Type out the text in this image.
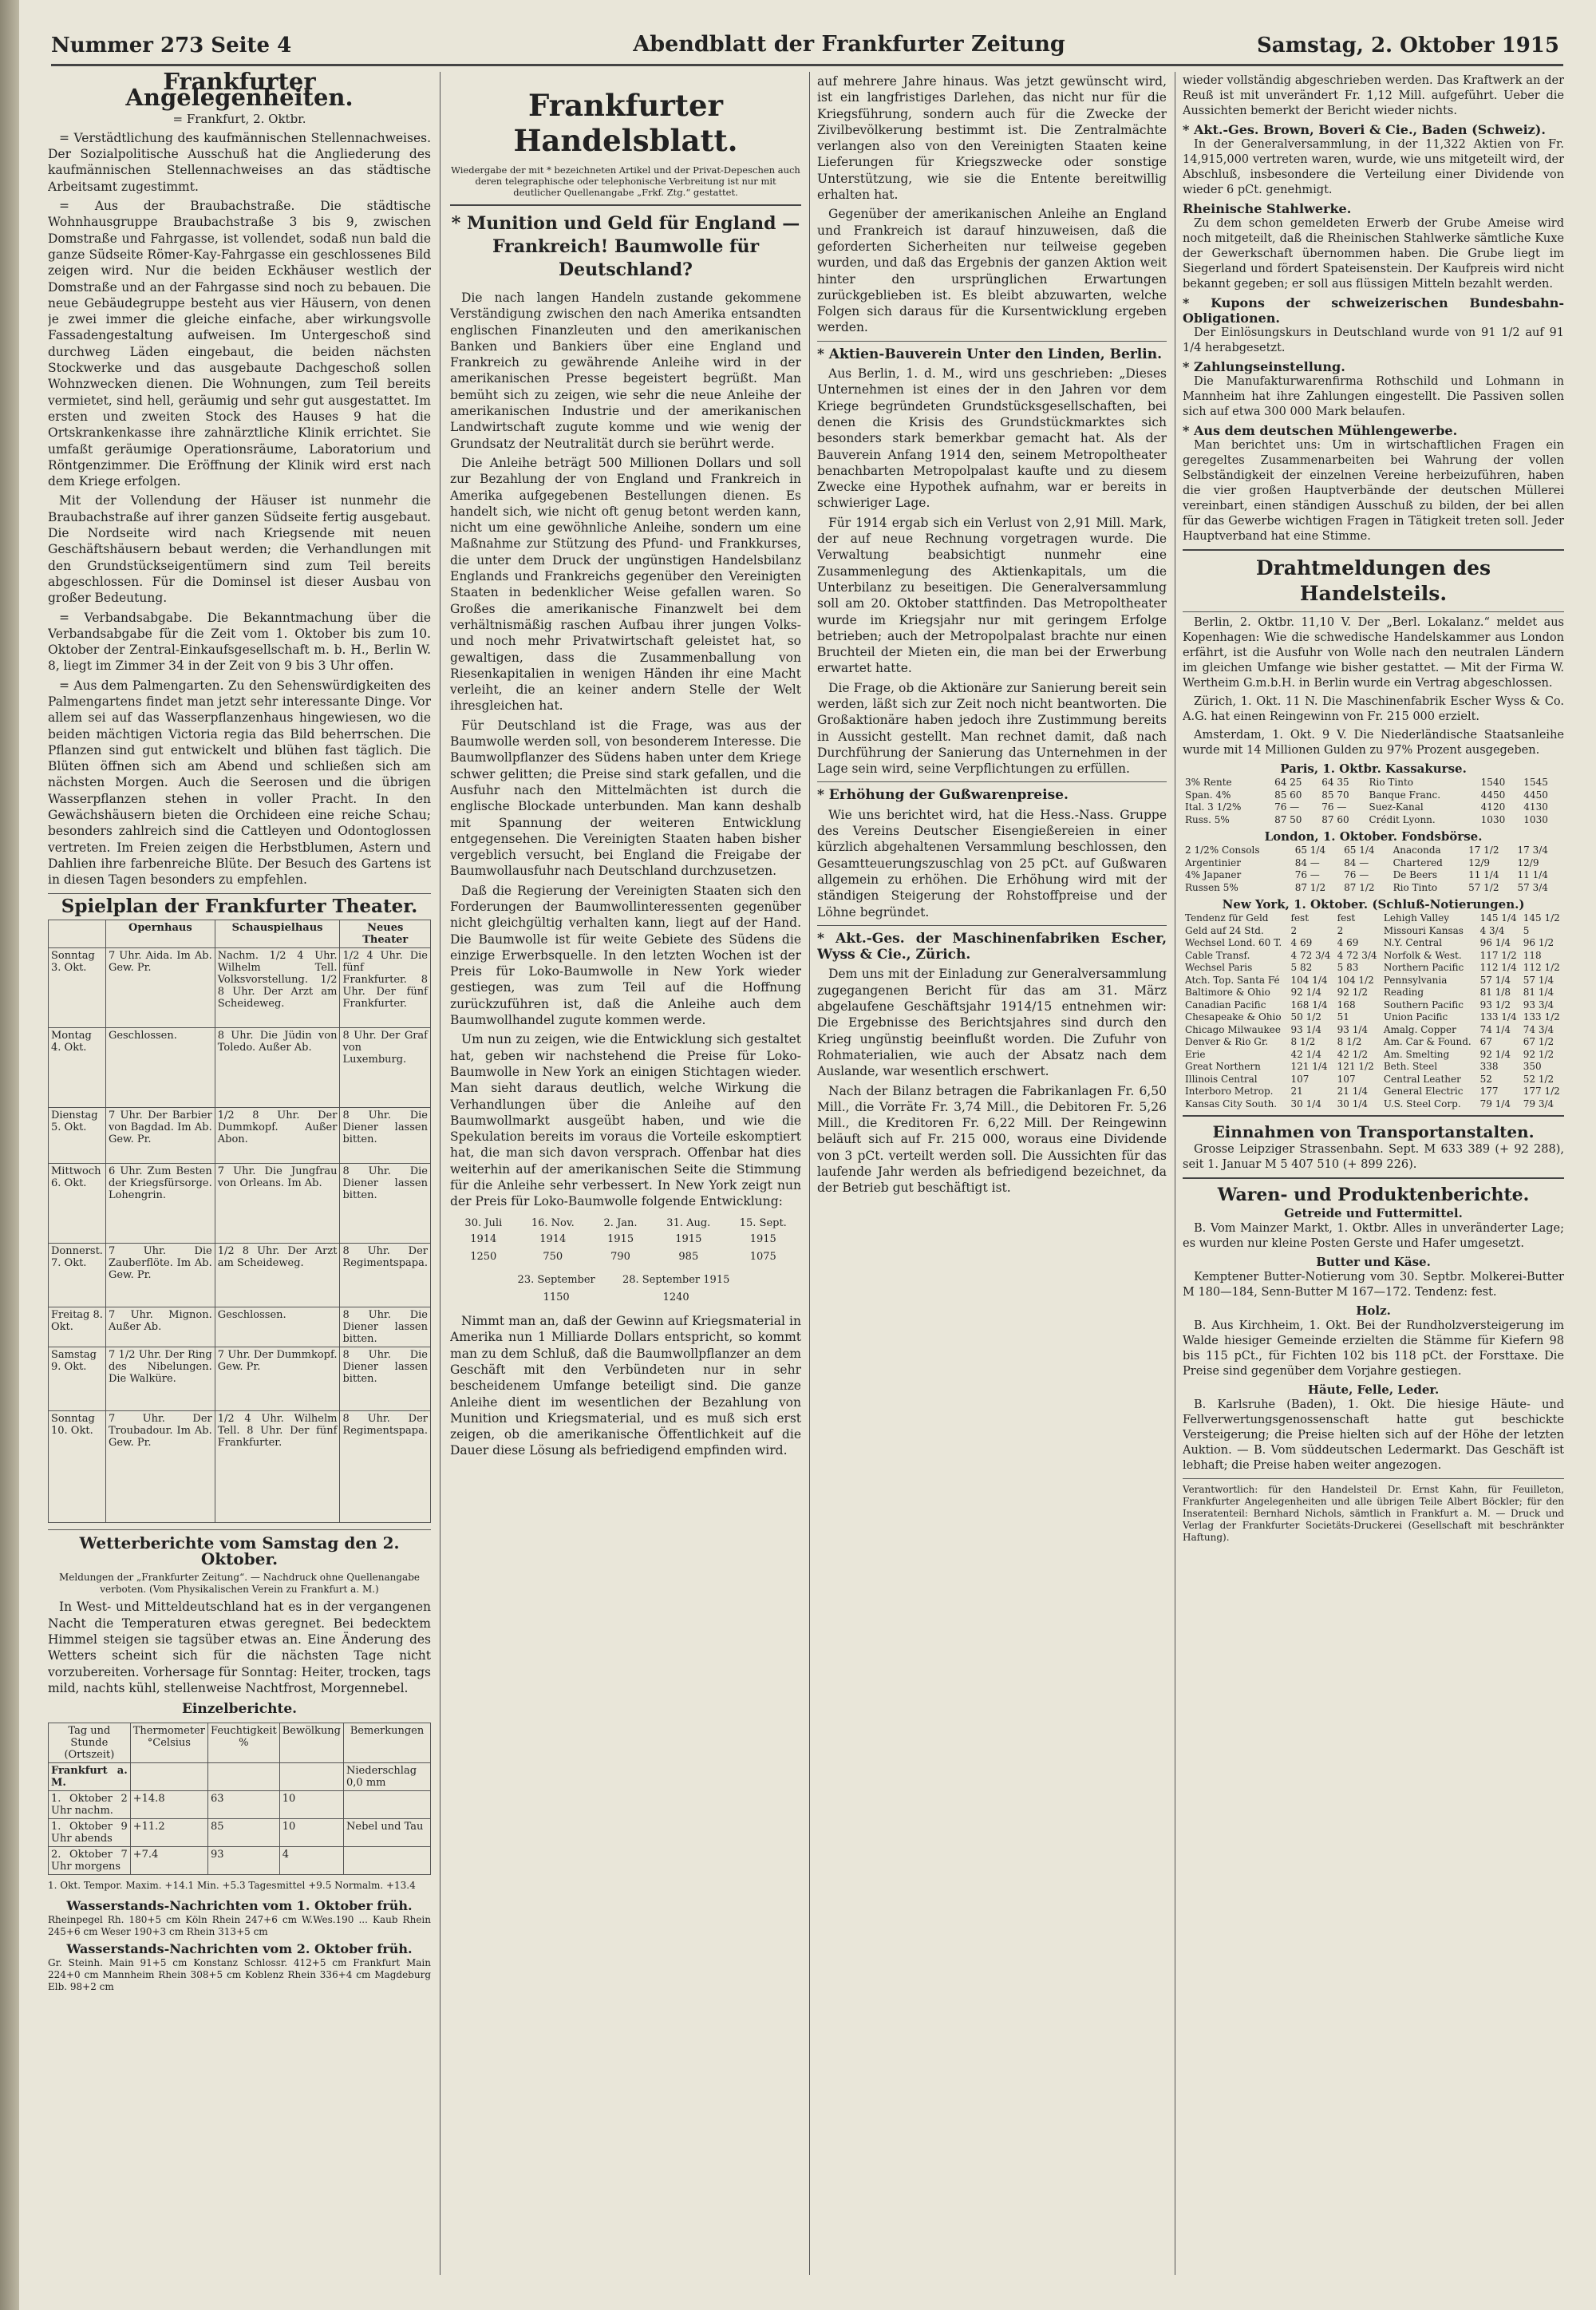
Nummer 273 Seite 4	Abendblatt der Frankfurter Zeitung	Samstag, 2. Oktober 1915
Frankfurter Angelegenheiten.
= Frankfurt, 2. Oktbr.

= Verstädtlichung des kaufmännischen Stellennachweises. Der Sozialpolitische Ausschuß hat die Angliederung des kaufmännischen Stellennachweises an das städtische Arbeitsamt zugestimmt.

= Aus der Braubachstraße. Die städtische Wohnhausgruppe Braubachstraße 3 bis 9, zwischen Domstraße und Fahrgasse, ist vollendet, sodaß nun bald die ganze Südseite Römer-Kay-Fahrgasse ein geschlossenes Bild zeigen wird. Nur die beiden Eckhäuser westlich der Domstraße und an der Fahrgasse sind noch zu bebauen. Die neue Gebäudegruppe besteht aus vier Häusern, von denen je zwei immer die gleiche einfache, aber wirkungsvolle Fassadengestaltung aufweisen. Im Untergeschoß sind durchweg Läden eingebaut, die beiden nächsten Stockwerke und das ausgebaute Dachgeschoß sollen Wohnzwecken dienen. Die Wohnungen, zum Teil bereits vermietet, sind hell, geräumig und sehr gut ausgestattet. Im ersten und zweiten Stock des Hauses 9 hat die Ortskrankenkasse ihre zahnärztliche Klinik errichtet. Sie umfaßt geräumige Operationsräume, Laboratorium und Röntgenzimmer. Die Eröffnung der Klinik wird erst nach dem Kriege erfolgen.

Mit der Vollendung der Häuser ist nunmehr die Braubachstraße auf ihrer ganzen Südseite fertig ausgebaut. Die Nordseite wird nach Kriegsende mit neuen Geschäftshäusern bebaut werden; die Verhandlungen mit den Grundstückseigentümern sind zum Teil bereits abgeschlossen. Für die Dominsel ist dieser Ausbau von großer Bedeutung.

= Verbandsabgabe. Die Bekanntmachung über die Verbandsabgabe für die Zeit vom 1. Oktober bis zum 10. Oktober der Zentral-Einkaufsgesellschaft m. b. H., Berlin W. 8, liegt im Zimmer 34 in der Zeit von 9 bis 3 Uhr offen.

= Aus dem Palmengarten. Zu den Sehenswürdigkeiten des Palmengartens findet man jetzt sehr interessante Dinge. Vor allem sei auf das Wasserpflanzenhaus hingewiesen, wo die beiden mächtigen Victoria regia das Bild beherrschen. Die Pflanzen sind gut entwickelt und blühen fast täglich. Die Blüten öffnen sich am Abend und schließen sich am nächsten Morgen. Auch die Seerosen und die übrigen Wasserpflanzen stehen in voller Pracht. In den Gewächshäusern bieten die Orchideen eine reiche Schau; besonders zahlreich sind die Cattleyen und Odontoglossen vertreten. Im Freien zeigen die Herbstblumen, Astern und Dahlien ihre farbenreiche Blüte. Der Besuch des Gartens ist in diesen Tagen besonders zu empfehlen.

Spielplan der Frankfurter Theater.
	Opernhaus	Schauspielhaus	Neues Theater
Sonntag 3. Okt.	7 Uhr. Aida. Im Ab. Gew. Pr.	Nachm. 1/2 4 Uhr. Wilhelm Tell. Volksvorstellung. 1/2 8 Uhr. Der Arzt am Scheideweg.	1/2 4 Uhr. Die fünf Frankfurter. 8 Uhr. Der fünf Frankfurter.
Montag 4. Okt.	Geschlossen.	8 Uhr. Die Jüdin von Toledo. Außer Ab.	8 Uhr. Der Graf von Luxemburg.
Dienstag 5. Okt.	7 Uhr. Der Barbier von Bagdad. Im Ab. Gew. Pr.	1/2 8 Uhr. Der Dummkopf. Außer Abon.	8 Uhr. Die Diener lassen bitten.
Mittwoch 6. Okt.	6 Uhr. Zum Besten der Kriegsfürsorge. Lohengrin.	7 Uhr. Die Jungfrau von Orleans. Im Ab.	8 Uhr. Die Diener lassen bitten.
Donnerst. 7. Okt.	7 Uhr. Die Zauberflöte. Im Ab. Gew. Pr.	1/2 8 Uhr. Der Arzt am Scheideweg.	8 Uhr. Der Regimentspapa.
Freitag 8. Okt.	7 Uhr. Mignon. Außer Ab.	Geschlossen.	8 Uhr. Die Diener lassen bitten.
Samstag 9. Okt.	7 1/2 Uhr. Der Ring des Nibelungen. Die Walküre.	7 Uhr. Der Dummkopf. Gew. Pr.	8 Uhr. Die Diener lassen bitten.
Sonntag 10. Okt.	7 Uhr. Der Troubadour. Im Ab. Gew. Pr.	1/2 4 Uhr. Wilhelm Tell. 8 Uhr. Der fünf Frankfurter.	8 Uhr. Der Regimentspapa.
Wetterberichte vom Samstag den 2. Oktober.
Meldungen der „Frankfurter Zeitung“. — Nachdruck ohne Quellenangabe verboten. (Vom Physikalischen Verein zu Frankfurt a. M.)

In West- und Mitteldeutschland hat es in der vergangenen Nacht die Temperaturen etwas geregnet. Bei bedecktem Himmel steigen sie tagsüber etwas an. Eine Änderung des Wetters scheint sich für die nächsten Tage nicht vorzubereiten. Vorhersage für Sonntag: Heiter, trocken, tags mild, nachts kühl, stellenweise Nachtfrost, Morgennebel.

Einzelberichte.
Tag und Stunde (Ortszeit)	Thermometer °Celsius	Feuchtigkeit %	Bewölkung	Bemerkungen
Frankfurt a. M.				Niederschlag 0,0 mm
1. Oktober 2 Uhr nachm.	+14.8	63	10	
1. Oktober 9 Uhr abends	+11.2	85	10	Nebel und Tau
2. Oktober 7 Uhr morgens	+7.4	93	4	
1. Okt. Tempor. Maxim. +14.1 Min. +5.3 Tagesmittel +9.5 Normalm. +13.4
Wasserstands-Nachrichten vom 1. Oktober früh.
Rheinpegel Rh. 180+5 cm Köln Rhein 247+6 cm W.Wes.190 ... Kaub Rhein 245+6 cm Weser 190+3 cm Rhein 313+5 cm
Wasserstands-Nachrichten vom 2. Oktober früh.
Gr. Steinh. Main 91+5 cm Konstanz Schlossr. 412+5 cm Frankfurt Main 224+0 cm Mannheim Rhein 308+5 cm Koblenz Rhein 336+4 cm Magdeburg Elb. 98+2 cm
Frankfurter Handelsblatt.
Wiedergabe der mit * bezeichneten Artikel und der Privat-Depeschen auch deren telegraphische oder telephonische Verbreitung ist nur mit deutlicher Quellenangabe „Frkf. Ztg.“ gestattet.
* Munition und Geld für England — Frankreich! Baumwolle für Deutschland?

Die nach langen Handeln zustande gekommene Verständigung zwischen den nach Amerika entsandten englischen Finanzleuten und den amerikanischen Banken und Bankiers über eine England und Frankreich zu gewährende Anleihe wird in der amerikanischen Presse begeistert begrüßt. Man bemüht sich zu zeigen, wie sehr die neue Anleihe der amerikanischen Industrie und der amerikanischen Landwirtschaft zugute komme und wie wenig der Grundsatz der Neutralität durch sie berührt werde.

Die Anleihe beträgt 500 Millionen Dollars und soll zur Bezahlung der von England und Frankreich in Amerika aufgegebenen Bestellungen dienen. Es handelt sich, wie nicht oft genug betont werden kann, nicht um eine gewöhnliche Anleihe, sondern um eine Maßnahme zur Stützung des Pfund- und Frankkurses, die unter dem Druck der ungünstigen Handelsbilanz Englands und Frankreichs gegenüber den Vereinigten Staaten in bedenklicher Weise gefallen waren. So Großes die amerikanische Finanzwelt bei dem verhältnismäßig raschen Aufbau ihrer jungen Volks- und noch mehr Privatwirtschaft geleistet hat, so gewaltigen, dass die Zusammenballung von Riesenkapitalien in wenigen Händen ihr eine Macht verleiht, die an keiner andern Stelle der Welt ihresgleichen hat.

Für Deutschland ist die Frage, was aus der Baumwolle werden soll, von besonderem Interesse. Die Baumwollpflanzer des Südens haben unter dem Kriege schwer gelitten; die Preise sind stark gefallen, und die Ausfuhr nach den Mittelmächten ist durch die englische Blockade unterbunden. Man kann deshalb mit Spannung der weiteren Entwicklung entgegensehen. Die Vereinigten Staaten haben bisher vergeblich versucht, bei England die Freigabe der Baumwollausfuhr nach Deutschland durchzusetzen.

Daß die Regierung der Vereinigten Staaten sich den Forderungen der Baumwollinteressenten gegenüber nicht gleichgültig verhalten kann, liegt auf der Hand. Die Baumwolle ist für weite Gebiete des Südens die einzige Erwerbsquelle. In den letzten Wochen ist der Preis für Loko-Baumwolle in New York wieder gestiegen, was zum Teil auf die Hoffnung zurückzuführen ist, daß die Anleihe auch dem Baumwollhandel zugute kommen werde.

Um nun zu zeigen, wie die Entwicklung sich gestaltet hat, geben wir nachstehend die Preise für Loko-Baumwolle in New York an einigen Stichtagen wieder. Man sieht daraus deutlich, welche Wirkung die Verhandlungen über die Anleihe auf den Baumwollmarkt ausgeübt haben, und wie die Spekulation bereits im voraus die Vorteile eskomptiert hat, die man sich davon versprach. Offenbar hat dies weiterhin auf der amerikanischen Seite die Stimmung für die Anleihe sehr verbessert. In New York zeigt nun der Preis für Loko-Baumwolle folgende Entwicklung:

30. Juli 1914	16. Nov. 1914	2. Jan. 1915	31. Aug. 1915	15. Sept. 1915
1250	750	790	985	1075
23. September	28. September 1915
1150	1240

Nimmt man an, daß der Gewinn auf Kriegsmaterial in Amerika nun 1 Milliarde Dollars entspricht, so kommt man zu dem Schluß, daß die Baumwollpflanzer an dem Geschäft mit den Verbündeten nur in sehr bescheidenem Umfange beteiligt sind. Die ganze Anleihe dient im wesentlichen der Bezahlung von Munition und Kriegsmaterial, und es muß sich erst zeigen, ob die amerikanische Öffentlichkeit auf die Dauer diese Lösung als befriedigend empfinden wird.

auf mehrere Jahre hinaus. Was jetzt gewünscht wird, ist ein langfristiges Darlehen, das nicht nur für die Kriegsführung, sondern auch für die Zwecke der Zivilbevölkerung bestimmt ist. Die Zentralmächte verlangen also von den Vereinigten Staaten keine Lieferungen für Kriegszwecke oder sonstige Unterstützung, wie sie die Entente bereitwillig erhalten hat.

Gegenüber der amerikanischen Anleihe an England und Frankreich ist darauf hinzuweisen, daß die geforderten Sicherheiten nur teilweise gegeben wurden, und daß das Ergebnis der ganzen Aktion weit hinter den ursprünglichen Erwartungen zurückgeblieben ist. Es bleibt abzuwarten, welche Folgen sich daraus für die Kursentwicklung ergeben werden.

* Aktien-Bauverein Unter den Linden, Berlin.

Aus Berlin, 1. d. M., wird uns geschrieben: „Dieses Unternehmen ist eines der in den Jahren vor dem Kriege begründeten Grundstücksgesellschaften, bei denen die Krisis des Grundstückmarktes sich besonders stark bemerkbar gemacht hat. Als der Bauverein Anfang 1914 den, seinem Metropoltheater benachbarten Metropolpalast kaufte und zu diesem Zwecke eine Hypothek aufnahm, war er bereits in schwieriger Lage.

Für 1914 ergab sich ein Verlust von 2,91 Mill. Mark, der auf neue Rechnung vorgetragen wurde. Die Verwaltung beabsichtigt nunmehr eine Zusammenlegung des Aktienkapitals, um die Unterbilanz zu beseitigen. Die Generalversammlung soll am 20. Oktober stattfinden. Das Metropoltheater wurde im Kriegsjahr nur mit geringem Erfolge betrieben; auch der Metropolpalast brachte nur einen Bruchteil der Mieten ein, die man bei der Erwerbung erwartet hatte.

Die Frage, ob die Aktionäre zur Sanierung bereit sein werden, läßt sich zur Zeit noch nicht beantworten. Die Großaktionäre haben jedoch ihre Zustimmung bereits in Aussicht gestellt. Man rechnet damit, daß nach Durchführung der Sanierung das Unternehmen in der Lage sein wird, seine Verpflichtungen zu erfüllen.

* Erhöhung der Gußwarenpreise.

Wie uns berichtet wird, hat die Hess.-Nass. Gruppe des Vereins Deutscher Eisengießereien in einer kürzlich abgehaltenen Versammlung beschlossen, den Gesamtteuerungszuschlag von 25 pCt. auf Gußwaren allgemein zu erhöhen. Die Erhöhung wird mit der ständigen Steigerung der Rohstoffpreise und der Löhne begründet.

* Akt.-Ges. der Maschinenfabriken Escher, Wyss & Cie., Zürich.

Dem uns mit der Einladung zur Generalversammlung zugegangenen Bericht für das am 31. März abgelaufene Geschäftsjahr 1914/15 entnehmen wir: Die Ergebnisse des Berichtsjahres sind durch den Krieg ungünstig beeinflußt worden. Die Zufuhr von Rohmaterialien, wie auch der Absatz nach dem Auslande, war wesentlich erschwert.

Nach der Bilanz betragen die Fabrikanlagen Fr. 6,50 Mill., die Vorräte Fr. 3,74 Mill., die Debitoren Fr. 5,26 Mill., die Kreditoren Fr. 6,22 Mill. Der Reingewinn beläuft sich auf Fr. 215 000, woraus eine Dividende von 3 pCt. verteilt werden soll. Die Aussichten für das laufende Jahr werden als befriedigend bezeichnet, da der Betrieb gut beschäftigt ist.

wieder vollständig abgeschrieben werden. Das Kraftwerk an der Reuß ist mit unverändert Fr. 1,12 Mill. aufgeführt. Ueber die Aussichten bemerkt der Bericht wieder nichts.

* Akt.-Ges. Brown, Boveri & Cie., Baden (Schweiz).

In der Generalversammlung, in der 11,322 Aktien von Fr. 14,915,000 vertreten waren, wurde, wie uns mitgeteilt wird, der Abschluß, insbesondere die Verteilung einer Dividende von wieder 6 pCt. genehmigt.

Rheinische Stahlwerke.

Zu dem schon gemeldeten Erwerb der Grube Ameise wird noch mitgeteilt, daß die Rheinischen Stahlwerke sämtliche Kuxe der Gewerkschaft übernommen haben. Die Grube liegt im Siegerland und fördert Spateisenstein. Der Kaufpreis wird nicht bekannt gegeben; er soll aus flüssigen Mitteln bezahlt werden.

* Kupons der schweizerischen Bundesbahn-Obligationen.

Der Einlösungskurs in Deutschland wurde von 91 1/2 auf 91 1/4 herabgesetzt.

* Zahlungseinstellung.

Die Manufakturwarenfirma Rothschild und Lohmann in Mannheim hat ihre Zahlungen eingestellt. Die Passiven sollen sich auf etwa 300 000 Mark belaufen.

* Aus dem deutschen Mühlengewerbe.

Man berichtet uns: Um in wirtschaftlichen Fragen ein geregeltes Zusammenarbeiten bei Wahrung der vollen Selbständigkeit der einzelnen Vereine herbeizuführen, haben die vier großen Hauptverbände der deutschen Müllerei vereinbart, einen ständigen Ausschuß zu bilden, der bei allen für das Gewerbe wichtigen Fragen in Tätigkeit treten soll. Jeder Hauptverband hat eine Stimme.

Drahtmeldungen des Handelsteils.

Berlin, 2. Oktbr. 11,10 V. Der „Berl. Lokalanz.“ meldet aus Kopenhagen: Wie die schwedische Handelskammer aus London erfährt, ist die Ausfuhr von Wolle nach den neutralen Ländern im gleichen Umfange wie bisher gestattet. — Mit der Firma W. Wertheim G.m.b.H. in Berlin wurde ein Vertrag abgeschlossen.

Zürich, 1. Okt. 11 N. Die Maschinenfabrik Escher Wyss & Co. A.G. hat einen Reingewinn von Fr. 215 000 erzielt.

Amsterdam, 1. Okt. 9 V. Die Niederländische Staatsanleihe wurde mit 14 Millionen Gulden zu 97% Prozent ausgegeben.

Paris, 1. Oktbr. Kassakurse.
3% Rente	64 25	64 35	Rio Tinto	1540	1545
Span. 4%	85 60	85 70	Banque Franc.	4450	4450
Ital. 3 1/2%	76 —	76 —	Suez-Kanal	4120	4130
Russ. 5%	87 50	87 60	Crédit Lyonn.	1030	1030
London, 1. Oktober. Fondsbörse.
2 1/2% Consols	65 1/4	65 1/4	Anaconda	17 1/2	17 3/4
Argentinier	84 —	84 —	Chartered	12/9	12/9
4% Japaner	76 —	76 —	De Beers	11 1/4	11 1/4
Russen 5%	87 1/2	87 1/2	Rio Tinto	57 1/2	57 3/4
New York, 1. Oktober. (Schluß-Notierungen.)
Tendenz für Geld	fest	fest	Lehigh Valley	145 1/4	145 1/2
Geld auf 24 Std.	2	2	Missouri Kansas	4 3/4	5
Wechsel Lond. 60 T.	4 69	4 69	N.Y. Central	96 1/4	96 1/2
Cable Transf.	4 72 3/4	4 72 3/4	Norfolk & West.	117 1/2	118
Wechsel Paris	5 82	5 83	Northern Pacific	112 1/4	112 1/2
Atch. Top. Santa Fé	104 1/4	104 1/2	Pennsylvania	57 1/4	57 1/4
Baltimore & Ohio	92 1/4	92 1/2	Reading	81 1/8	81 1/4
Canadian Pacific	168 1/4	168	Southern Pacific	93 1/2	93 3/4
Chesapeake & Ohio	50 1/2	51	Union Pacific	133 1/4	133 1/2
Chicago Milwaukee	93 1/4	93 1/4	Amalg. Copper	74 1/4	74 3/4
Denver & Rio Gr.	8 1/2	8 1/2	Am. Car & Found.	67	67 1/2
Erie	42 1/4	42 1/2	Am. Smelting	92 1/4	92 1/2
Great Northern	121 1/4	121 1/2	Beth. Steel	338	350
Illinois Central	107	107	Central Leather	52	52 1/2
Interboro Metrop.	21	21 1/4	General Electric	177	177 1/2
Kansas City South.	30 1/4	30 1/4	U.S. Steel Corp.	79 1/4	79 3/4
Einnahmen von Transportanstalten.

Grosse Leipziger Strassenbahn. Sept. M 633 389 (+ 92 288), seit 1. Januar M 5 407 510 (+ 899 226).

Waren- und Produktenberichte.
Getreide und Futtermittel.

B. Vom Mainzer Markt, 1. Oktbr. Alles in unveränderter Lage; es wurden nur kleine Posten Gerste und Hafer umgesetzt.

Butter und Käse.

Kemptener Butter-Notierung vom 30. Septbr. Molkerei-Butter M 180—184, Senn-Butter M 167—172. Tendenz: fest.

Holz.

B. Aus Kirchheim, 1. Okt. Bei der Rundholzversteigerung im Walde hiesiger Gemeinde erzielten die Stämme für Kiefern 98 bis 115 pCt., für Fichten 102 bis 118 pCt. der Forsttaxe. Die Preise sind gegenüber dem Vorjahre gestiegen.

Häute, Felle, Leder.

B. Karlsruhe (Baden), 1. Okt. Die hiesige Häute- und Fellverwertungsgenossenschaft hatte gut beschickte Versteigerung; die Preise hielten sich auf der Höhe der letzten Auktion. — B. Vom süddeutschen Ledermarkt. Das Geschäft ist lebhaft; die Preise haben weiter angezogen.

Verantwortlich: für den Handelsteil Dr. Ernst Kahn, für Feuilleton, Frankfurter Angelegenheiten und alle übrigen Teile Albert Böckler; für den Inseratenteil: Bernhard Nichols, sämtlich in Frankfurt a. M. — Druck und Verlag der Frankfurter Societäts-Druckerei (Gesellschaft mit beschränkter Haftung).
